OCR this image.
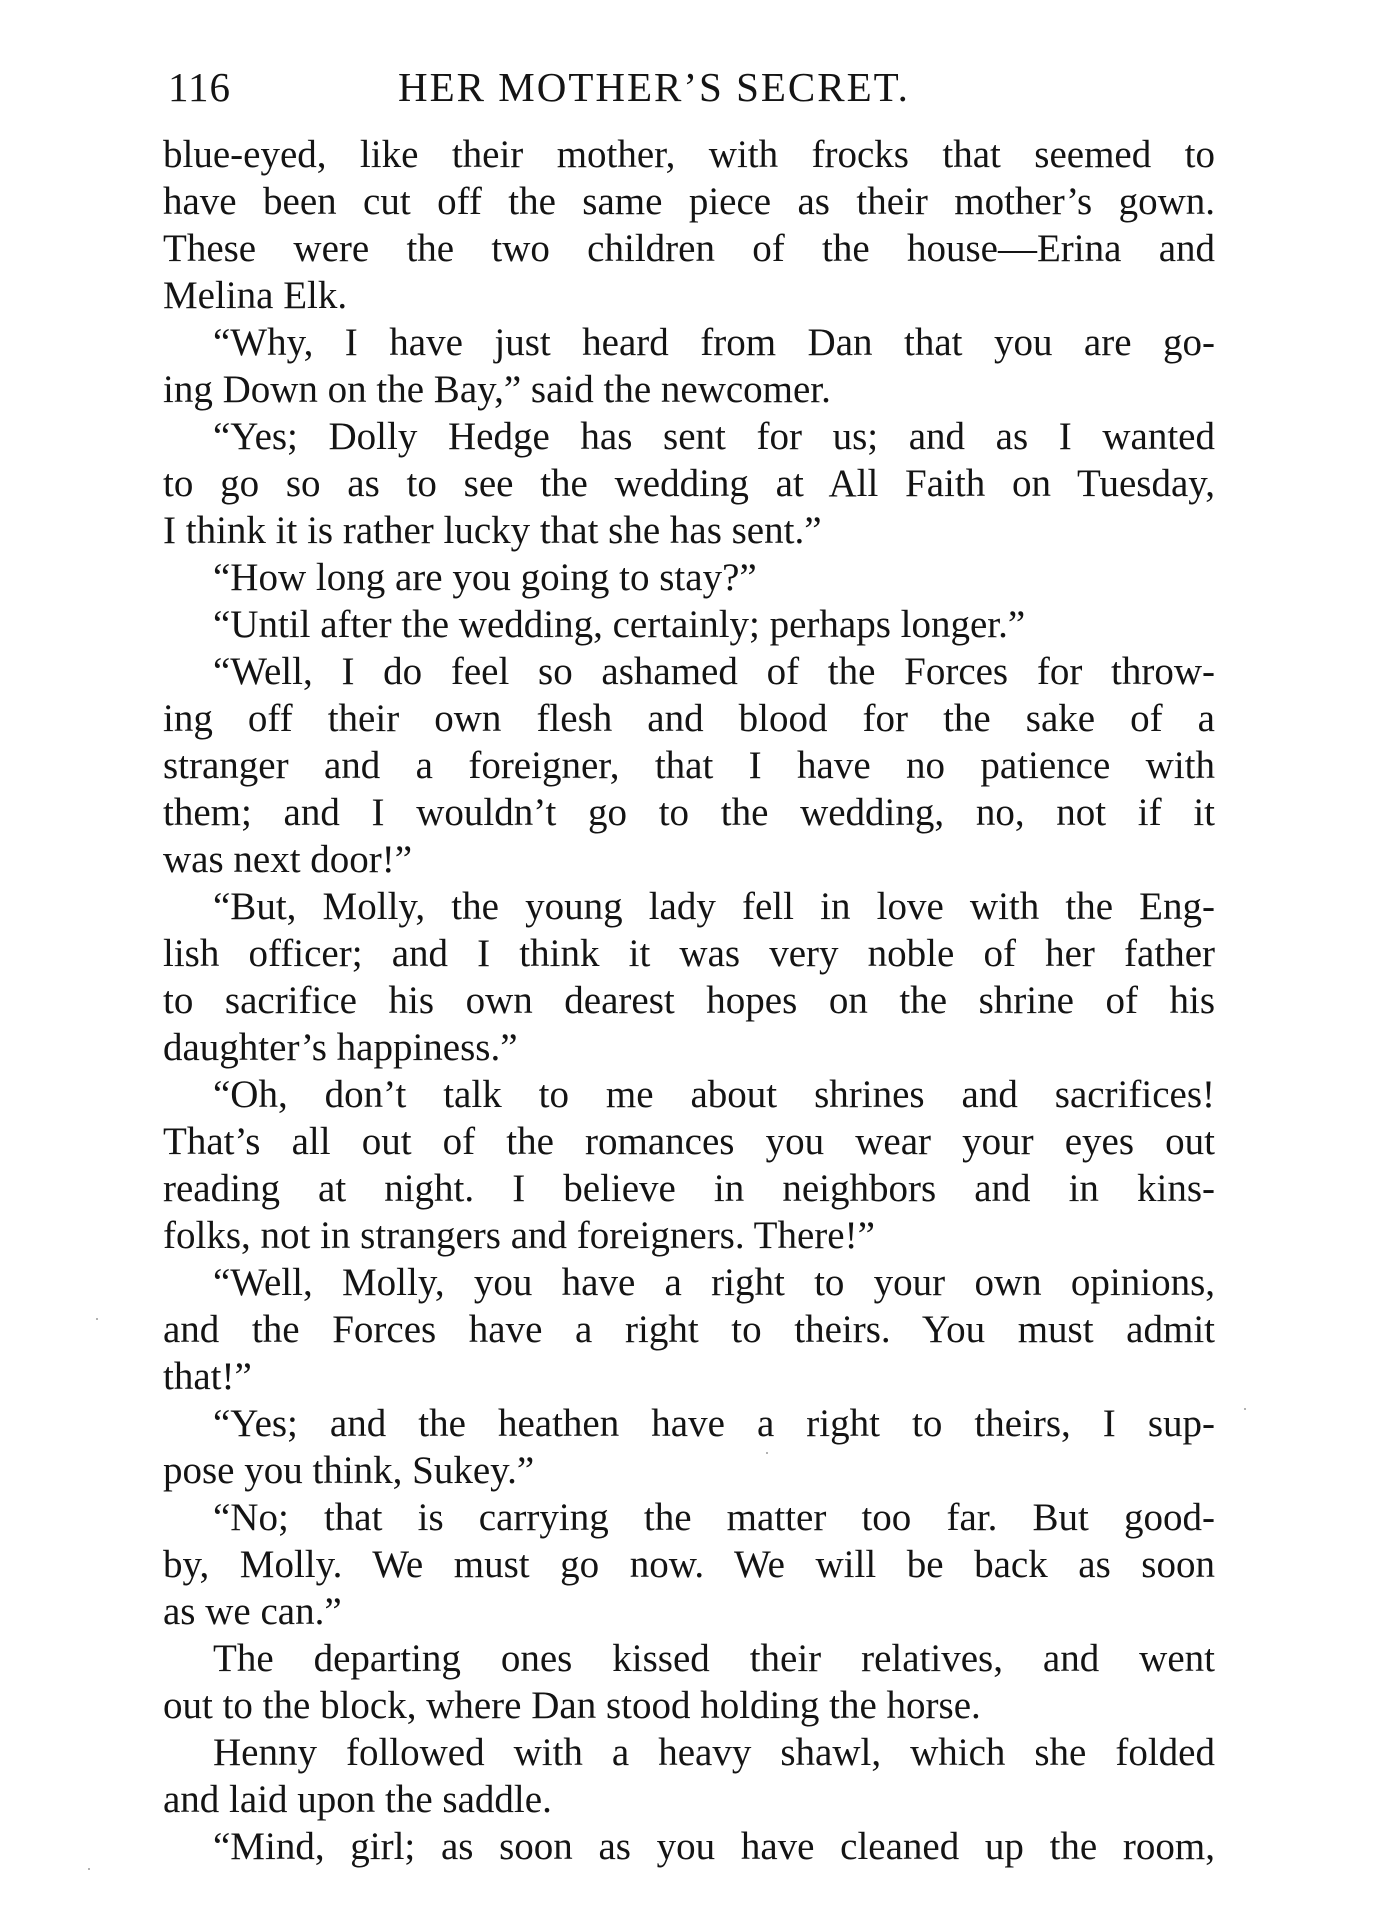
116	HER MOTHER’S SECRET.
blue-eyed, like their mother, with frocks that seemed to
have been cut off the same piece as their mother’s gown.
These were the two children of the house—Erina and
Melina Elk.
“Why, I have just heard from Dan that you are go-
ing Down on the Bay,” said the newcomer.
“Yes; Dolly Hedge has sent for us; and as I wanted
to go so as to see the wedding at All Faith on Tuesday,
I think it is rather lucky that she has sent.”
“How long are you going to stay?”
“Until after the wedding, certainly; perhaps longer.”
“Well, I do feel so ashamed of the Forces for throw-
ing off their own flesh and blood for the sake of a
stranger and a foreigner, that I have no patience with
them; and I wouldn’t go to the wedding, no, not if it
was next door!”
“But, Molly, the young lady fell in love with the Eng-
lish officer; and I think it was very noble of her father
to sacrifice his own dearest hopes on the shrine of his
daughter’s happiness.”
“Oh, don’t talk to me about shrines and sacrifices!
That’s all out of the romances you wear your eyes out
reading at night. I believe in neighbors and in kins-
folks, not in strangers and foreigners. There!”
“Well, Molly, you have a right to your own opinions,
and the Forces have a right to theirs. You must admit
that!”
“Yes; and the heathen have a right to theirs, I sup-
pose you think, Sukey.”
“No; that is carrying the matter too far. But good-
by, Molly. We must go now. We will be back as soon
as we can.”
The departing ones kissed their relatives, and went
out to the block, where Dan stood holding the horse.
Henny followed with a heavy shawl, which she folded
and laid upon the saddle.
“Mind, girl; as soon as you have cleaned up the room,
